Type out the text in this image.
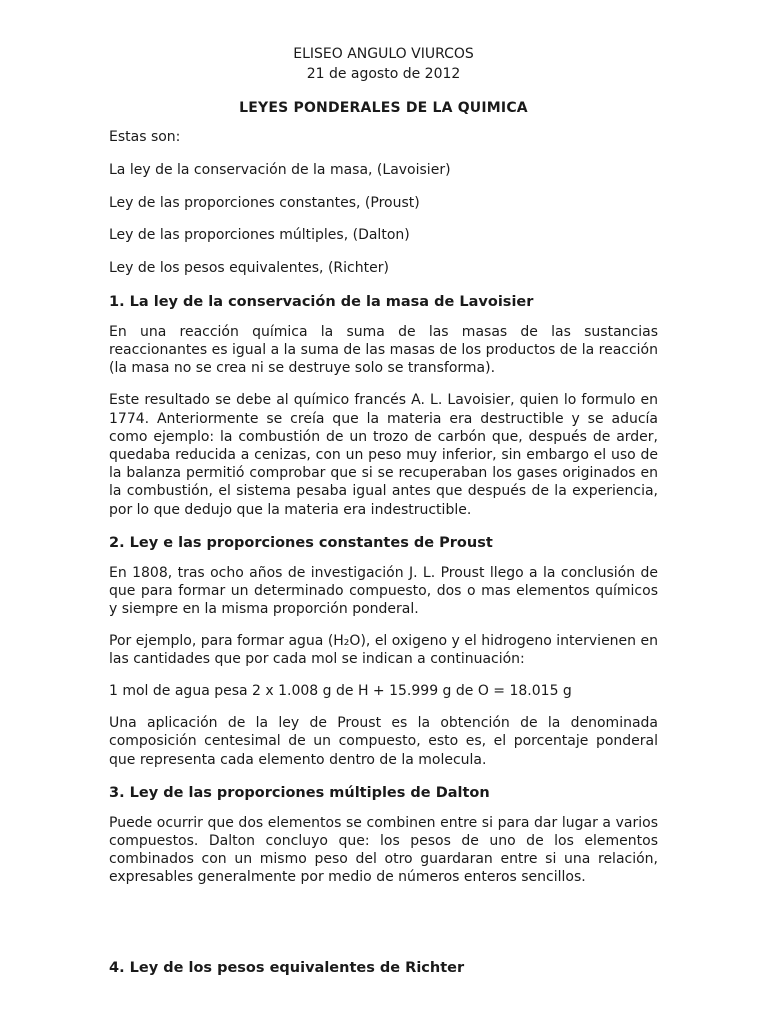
ELISEO ANGULO VIURCOS
21 de agosto de 2012
LEYES PONDERALES DE LA QUIMICA

Estas son:

La ley de la conservación de la masa, (Lavoisier)

Ley de las proporciones constantes, (Proust)

Ley de las proporciones múltiples, (Dalton)

Ley de los pesos equivalentes, (Richter)

1. La ley de la conservación de la masa de Lavoisier

En una reacción química la suma de las masas de las sustancias reaccionantes es igual a la suma de las masas de los productos de la reacción (la masa no se crea ni se destruye solo se transforma).

Este resultado se debe al químico francés A. L. Lavoisier, quien lo formulo en 1774. Anteriormente se creía que la materia era destructible y se aducía como ejemplo: la combustión de un trozo de carbón que, después de arder, quedaba reducida a cenizas, con un peso muy inferior, sin embargo el uso de la balanza permitió comprobar que si se recuperaban los gases originados en la combustión, el sistema pesaba igual antes que después de la experiencia, por lo que dedujo que la materia era indestructible.

2. Ley e las proporciones constantes de Proust

En 1808, tras ocho años de investigación J. L. Proust llego a la conclusión de que para formar un determinado compuesto, dos o mas elementos químicos y siempre en la misma proporción ponderal.

Por ejemplo, para formar agua (H₂O), el oxigeno y el hidrogeno intervienen en las cantidades que por cada mol se indican a continuación:

1 mol de agua pesa 2 x 1.008 g de H + 15.999 g de O = 18.015 g

Una aplicación de la ley de Proust es la obtención de la denominada composición centesimal de un compuesto, esto es, el porcentaje ponderal que representa cada elemento dentro de la molecula.

3. Ley de las proporciones múltiples de Dalton

Puede ocurrir que dos elementos se combinen entre si para dar lugar a varios compuestos. Dalton concluyo que: los pesos de uno de los elementos combinados con un mismo peso del otro guardaran entre si una relación, expresables generalmente por medio de números enteros sencillos.

4. Ley de los pesos equivalentes de Richter
